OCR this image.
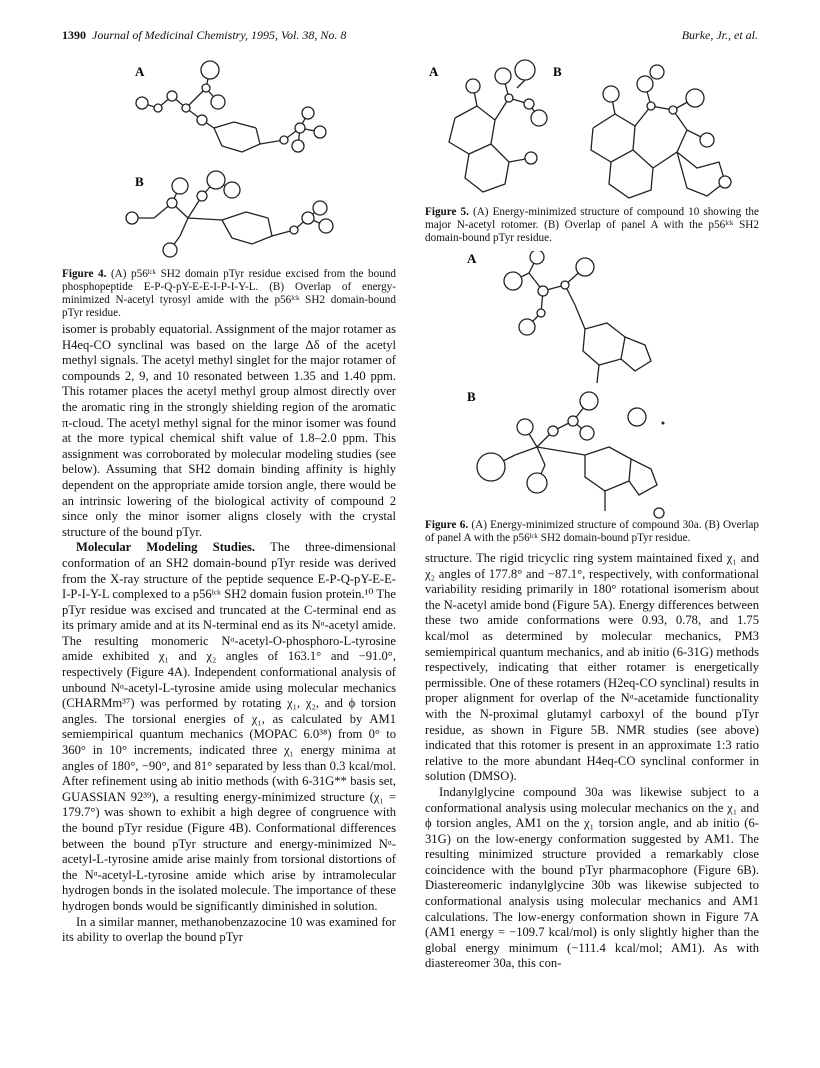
1390 Journal of Medicinal Chemistry, 1995, Vol. 38, No. 8	Burke, Jr., et al.
A
B
Figure 4. (A) p56ˡᶜᵏ SH2 domain pTyr residue excised from the bound phosphopeptide E-P-Q-pY-E-E-I-P-I-Y-L. (B) Overlap of energy-minimized N-acetyl tyrosyl amide with the p56ˡᶜᵏ SH2 domain-bound pTyr residue.

isomer is probably equatorial. Assignment of the major rotamer as H4eq-CO synclinal was based on the large Δδ of the acetyl methyl signals. The acetyl methyl singlet for the major rotamer of compounds 2, 9, and 10 resonated between 1.35 and 1.40 ppm. This rotamer places the acetyl methyl group almost directly over the aromatic ring in the strongly shielding region of the aromatic π-cloud. The acetyl methyl signal for the minor isomer was found at the more typical chemical shift value of 1.8–2.0 ppm. This assignment was corroborated by molecular modeling studies (see below). Assuming that SH2 domain binding affinity is highly dependent on the appropriate amide torsion angle, there would be an intrinsic lowering of the biological activity of compound 2 since only the minor isomer aligns closely with the crystal structure of the bound pTyr.

Molecular Modeling Studies. The three-dimensional conformation of an SH2 domain-bound pTyr reside was derived from the X-ray structure of the peptide sequence E-P-Q-pY-E-E-I-P-I-Y-L complexed to a p56ˡᶜᵏ SH2 domain fusion protein.¹⁰ The pTyr residue was excised and truncated at the C-terminal end as its primary amide and at its N-terminal end as its Nᵅ-acetyl amide. The resulting monomeric Nᵅ-acetyl-O-phosphoro-L-tyrosine amide exhibited χ₁ and χ₂ angles of 163.1° and −91.0°, respectively (Figure 4A). Independent conformational analysis of unbound Nᵅ-acetyl-L-tyrosine amide using molecular mechanics (CHARMm³⁷) was performed by rotating χ₁, χ₂, and ϕ torsion angles. The torsional energies of χ₁, as calculated by AM1 semiempirical quantum mechanics (MOPAC 6.0³⁸) from 0° to 360° in 10° increments, indicated three χ₁ energy minima at angles of 180°, −90°, and 81° separated by less than 0.3 kcal/mol. After refinement using ab initio methods (with 6-31G** basis set, GUASSIAN 92³⁹), a resulting energy-minimized structure (χ₁ = 179.7°) was shown to exhibit a high degree of congruence with the bound pTyr residue (Figure 4B). Conformational differences between the bound pTyr structure and energy-minimized Nᵅ-acetyl-L-tyrosine amide arise mainly from torsional distortions of the Nᵅ-acetyl-L-tyrosine amide which arise by intramolecular hydrogen bonds in the isolated molecule. The importance of these hydrogen bonds would be significantly diminished in solution.

In a similar manner, methanobenzazocine 10 was examined for its ability to overlap the bound pTyr

A	B
Figure 5. (A) Energy-minimized structure of compound 10 showing the major N-acetyl rotomer. (B) Overlap of panel A with the p56ˡᶜᵏ SH2 domain-bound pTyr residue.
A
B
Figure 6. (A) Energy-minimized structure of compound 30a. (B) Overlap of panel A with the p56ˡᶜᵏ SH2 domain-bound pTyr residue.

structure. The rigid tricyclic ring system maintained fixed χ₁ and χ₂ angles of 177.8° and −87.1°, respectively, with conformational variability residing primarily in 180° rotational isomerism about the N-acetyl amide bond (Figure 5A). Energy differences between these two amide conformations were 0.93, 0.78, and 1.75 kcal/mol as determined by molecular mechanics, PM3 semiempirical quantum mechanics, and ab initio (6-31G) methods respectively, indicating that either rotamer is energetically permissible. One of these rotamers (H2eq-CO synclinal) results in proper alignment for overlap of the Nᵅ-acetamide functionality with the N-proximal glutamyl carboxyl of the bound pTyr residue, as shown in Figure 5B. NMR studies (see above) indicated that this rotomer is present in an approximate 1:3 ratio relative to the more abundant H4eq-CO synclinal conformer in solution (DMSO).

Indanylglycine compound 30a was likewise subject to a conformational analysis using molecular mechanics on the χ₁ and ϕ torsion angles, AM1 on the χ₁ torsion angle, and ab initio (6-31G) on the low-energy conformation suggested by AM1. The resulting minimized structure provided a remarkably close coincidence with the bound pTyr pharmacophore (Figure 6B). Diastereomeric indanylglycine 30b was likewise subjected to conformational analysis using molecular mechanics and AM1 calculations. The low-energy conformation shown in Figure 7A (AM1 energy = −109.7 kcal/mol) is only slightly higher than the global energy minimum (−111.4 kcal/mol; AM1). As with diastereomer 30a, this con-
